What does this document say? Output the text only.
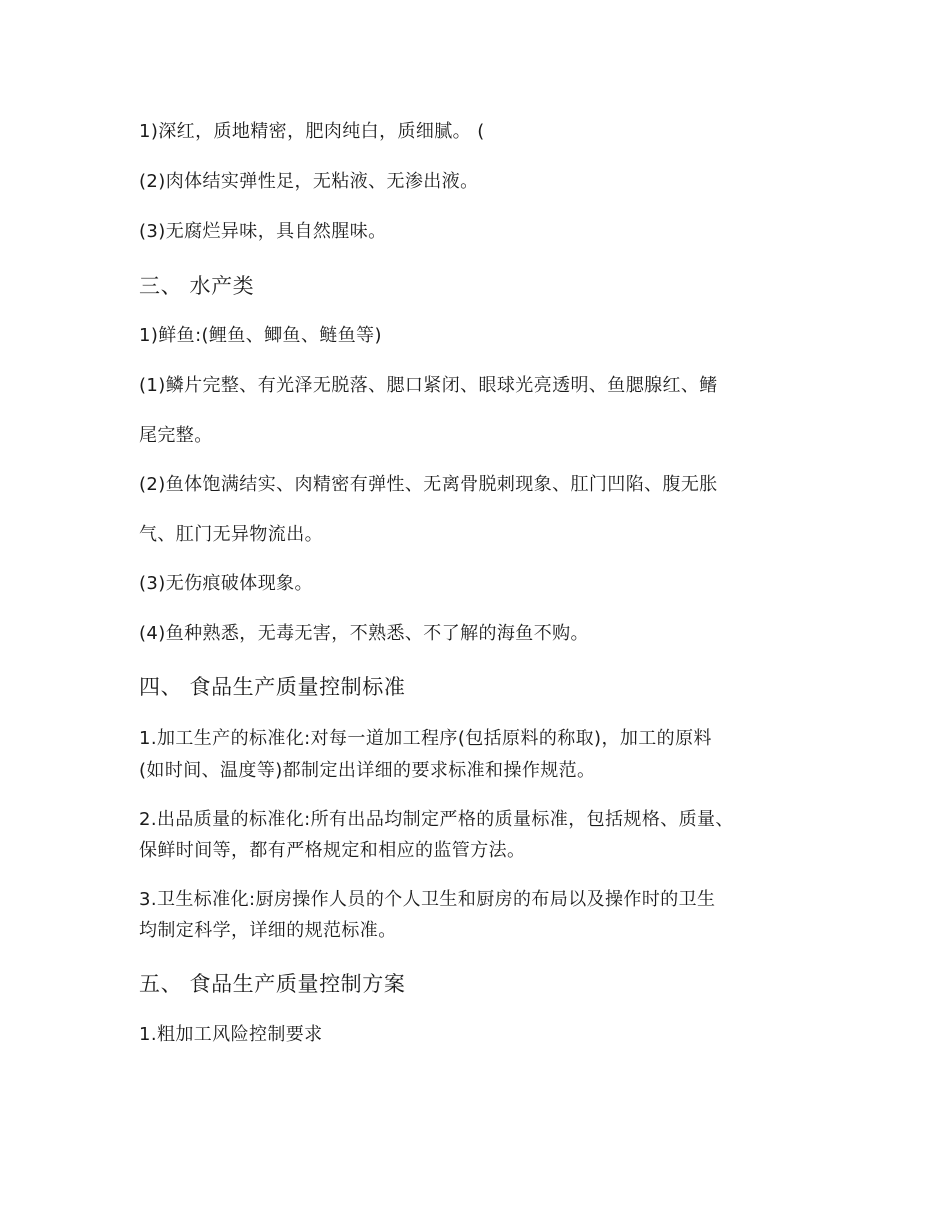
1)深红，质地精密，肥肉纯白，质细腻。 (
(2)肉体结实弹性足，无粘液、无渗出液。
(3)无腐烂异味，具自然腥味。
三、 水产类
1)鲜鱼:(鲤鱼、鲫鱼、鲢鱼等)
(1)鳞片完整、有光泽无脱落、腮口紧闭、眼球光亮透明、鱼腮腺红、鳍
尾完整。
(2)鱼体饱满结实、肉精密有弹性、无离骨脱刺现象、肛门凹陷、腹无胀
气、肛门无异物流出。
(3)无伤痕破体现象。
(4)鱼种熟悉，无毒无害，不熟悉、不了解的海鱼不购。
四、 食品生产质量控制标准
1.加工生产的标准化:对每一道加工程序(包括原料的称取)，加工的原料
(如时间、温度等)都制定出详细的要求标准和操作规范。
2.出品质量的标准化:所有出品均制定严格的质量标准，包括规格、质量、
保鲜时间等，都有严格规定和相应的监管方法。
3.卫生标准化:厨房操作人员的个人卫生和厨房的布局以及操作时的卫生
均制定科学，详细的规范标准。
五、 食品生产质量控制方案
1.粗加工风险控制要求
